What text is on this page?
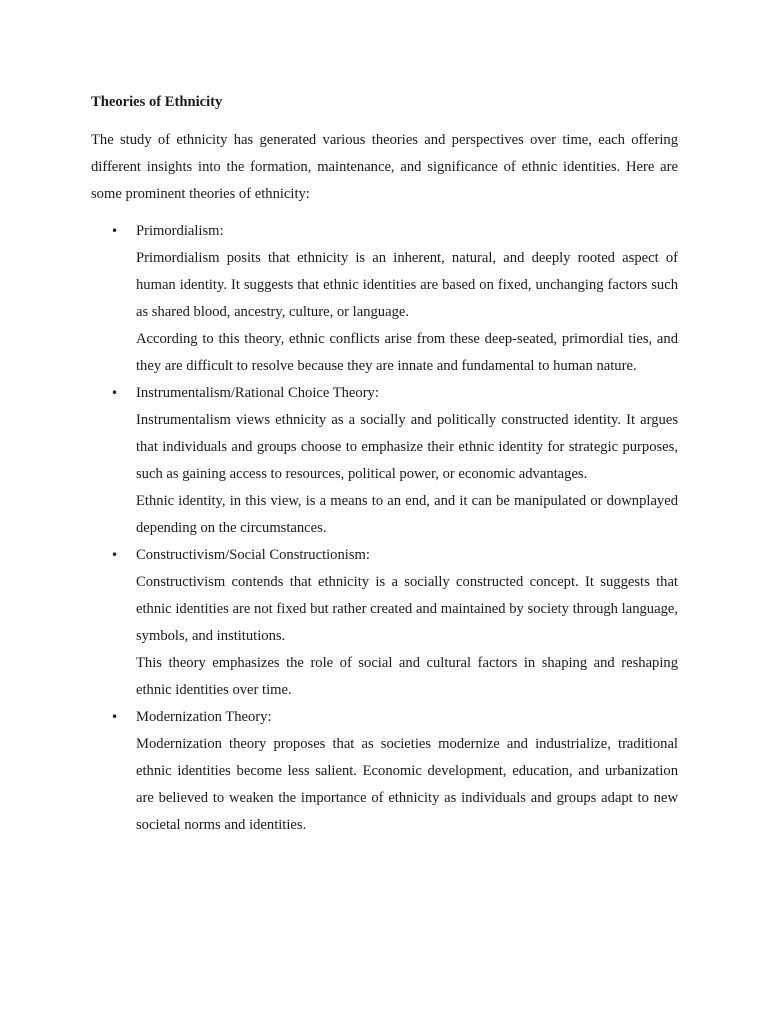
Theories of Ethnicity

The study of ethnicity has generated various theories and perspectives over time, each offering different insights into the formation, maintenance, and significance of ethnic identities. Here are some prominent theories of ethnicity:

• Primordialism:

Primordialism posits that ethnicity is an inherent, natural, and deeply rooted aspect of human identity. It suggests that ethnic identities are based on fixed, unchanging factors such as shared blood, ancestry, culture, or language.

According to this theory, ethnic conflicts arise from these deep-seated, primordial ties, and they are difficult to resolve because they are innate and fundamental to human nature.

• Instrumentalism/Rational Choice Theory:

Instrumentalism views ethnicity as a socially and politically constructed identity. It argues that individuals and groups choose to emphasize their ethnic identity for strategic purposes, such as gaining access to resources, political power, or economic advantages.

Ethnic identity, in this view, is a means to an end, and it can be manipulated or downplayed depending on the circumstances.

• Constructivism/Social Constructionism:

Constructivism contends that ethnicity is a socially constructed concept. It suggests that ethnic identities are not fixed but rather created and maintained by society through language, symbols, and institutions.

This theory emphasizes the role of social and cultural factors in shaping and reshaping ethnic identities over time.

• Modernization Theory:

Modernization theory proposes that as societies modernize and industrialize, traditional ethnic identities become less salient. Economic development, education, and urbanization are believed to weaken the importance of ethnicity as individuals and groups adapt to new societal norms and identities.
